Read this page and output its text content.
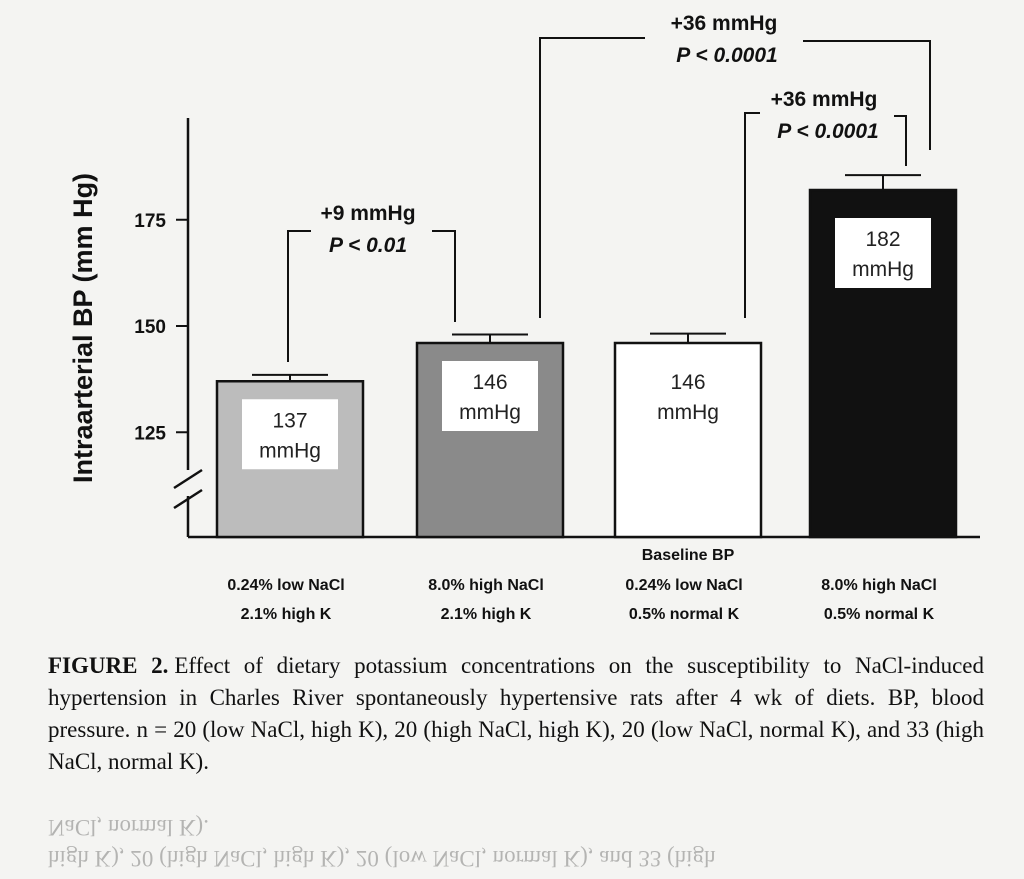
125
150
175
Intraarterial BP (mm Hg)	137
mmHg
0.24% low NaCl
2.1% high K
146
mmHg
8.0% high NaCl
2.1% high K
146
mmHg
Baseline BP
0.24% low NaCl
0.5% normal K
182
mmHg
8.0% high NaCl
0.5% normal K
+9 mmHg
P < 0.01
+36 mmHg
P < 0.0001
+36 mmHg
P < 0.0001
FIGURE 2. Effect of dietary potassium concentrations on the susceptibility to NaCl-induced hypertension in Charles River spontaneously hypertensive rats after 4 wk of diets. BP, blood pressure. n = 20 (low NaCl, high K), 20 (high NaCl, high K), 20 (low NaCl, normal K), and 33 (high NaCl, normal K).
NaCl, normal K).
high K), 20 (high NaCl, high K), 20 (low NaCl, normal K), and 33 (high
